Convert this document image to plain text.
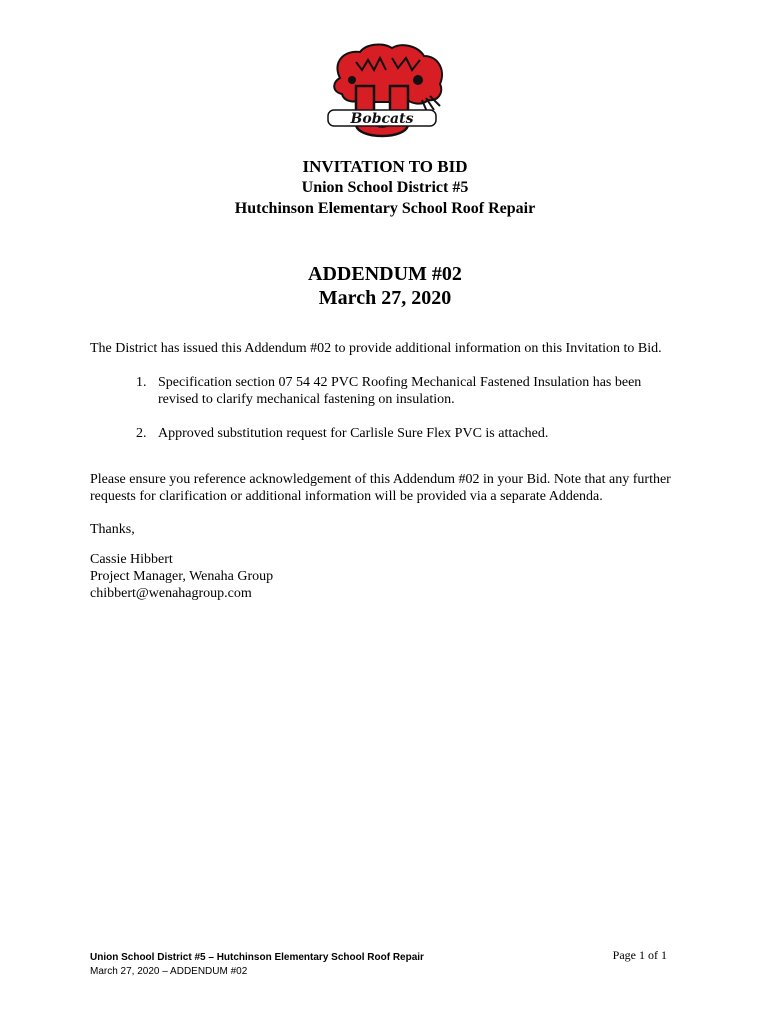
Bobcats
INVITATION TO BID
Union School District #5
Hutchinson Elementary School Roof Repair
ADDENDUM #02
March 27, 2020
The District has issued this Addendum #02 to provide additional information on this Invitation to Bid.
1. Specification section 07 54 42 PVC Roofing Mechanical Fastened Insulation has been revised to clarify mechanical fastening on insulation.
2. Approved substitution request for Carlisle Sure Flex PVC is attached.
Please ensure you reference acknowledgement of this Addendum #02 in your Bid. Note that any further requests for clarification or additional information will be provided via a separate Addenda.
Thanks,
Cassie Hibbert
Project Manager, Wenaha Group
chibbert@wenahagroup.com
Union School District #5 – Hutchinson Elementary School Roof Repair
March 27, 2020 – ADDENDUM #02
Page 1 of 1
